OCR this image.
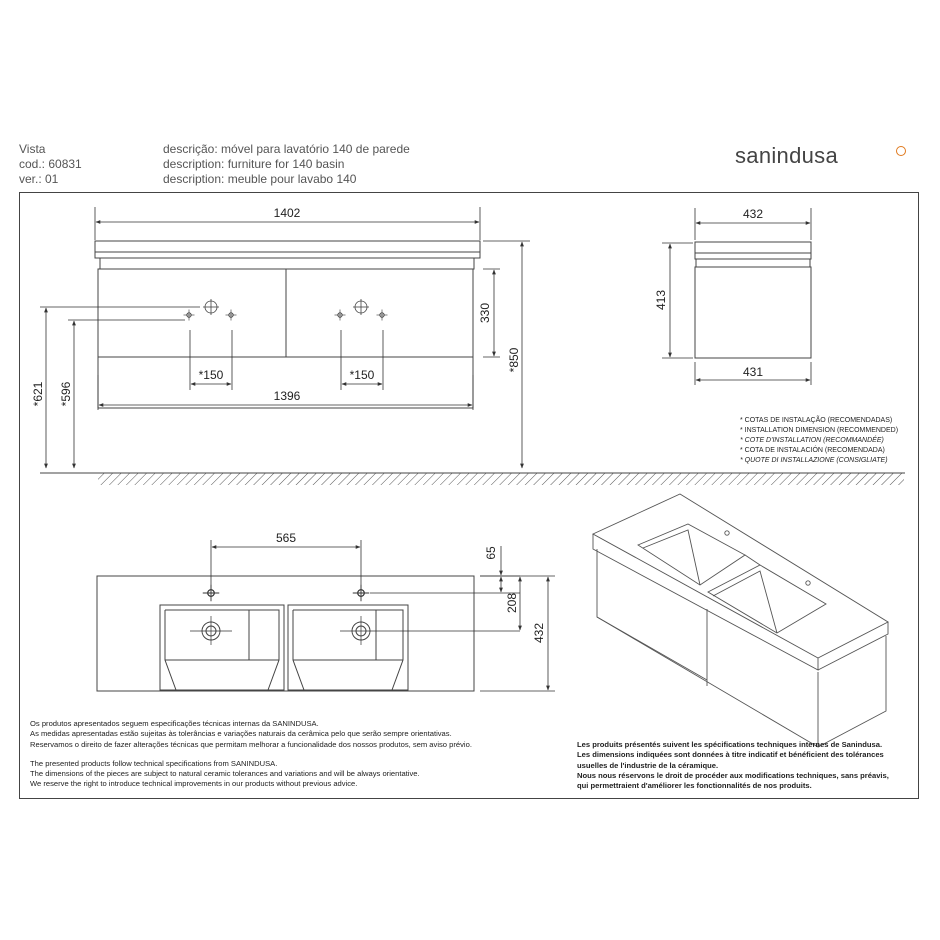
Vista
cod.: 60831
ver.: 01
descrição: móvel para lavatório 140 de parede
description: furniture for 140 basin
description: meuble pour lavabo 140
sanindusa
1402
1396
*150	*150
330
*850
*621 *596
432
431
413
565
65
208
432
* COTAS DE INSTALAÇÃO (RECOMENDADAS)
* INSTALLATION DIMENSION (RECOMMENDED)
* COTE D'INSTALLATION (RECOMMANDÉE)
* COTA DE INSTALACIÓN (RECOMENDADA)
* QUOTE DI INSTALLAZIONE (CONSIGLIATE)
Os produtos apresentados seguem especificações técnicas internas da SANINDUSA.
As medidas apresentadas estão sujeitas às tolerâncias e variações naturais da cerâmica pelo que serão sempre orientativas.
Reservamos o direito de fazer alterações técnicas que permitam melhorar a funcionalidade dos nossos produtos, sem aviso prévio.
The presented products follow technical specifications from SANINDUSA.
The dimensions of the pieces are subject to natural ceramic tolerances and variations and will be always orientative.
We reserve the right to introduce technical improvements in our products without previous advice.
Les produits présentés suivent les spécifications techniques internes de Sanindusa.
Les dimensions indiquées sont données à titre indicatif et bénéficient des tolérances
usuelles de l'industrie de la céramique.
Nous nous réservons le droit de procéder aux modifications techniques, sans préavis,
qui permettraient d'améliorer les fonctionnalités de nos produits.
